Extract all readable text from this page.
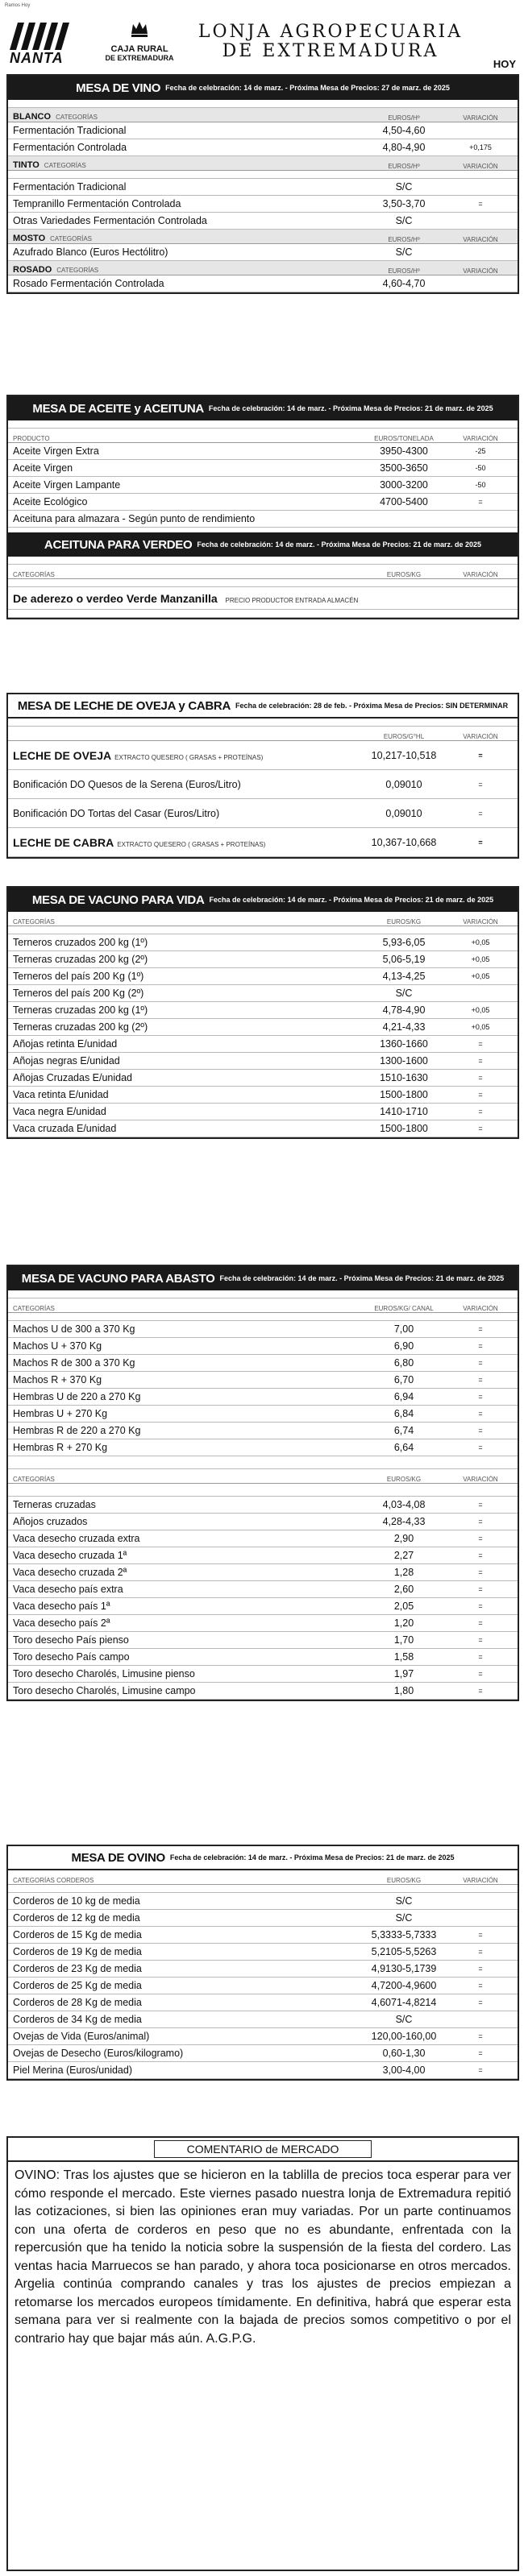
Ramos Hoy
NANTA
CAJA RURAL
DE EXTREMADURA
LONJA AGROPECUARIA DE EXTREMADURA
HOY
MESA DE VINO Fecha de celebración: 14 de marz. - Próxima Mesa de Precios: 27 de marz. de 2025
BLANCO CATEGORÍAS	EUROS/Hº	VARIACIÓN
Fermentación Tradicional	4,50-4,60
Fermentación Controlada	4,80-4,90	+0,175
TINTO CATEGORÍAS	EUROS/Hº	VARIACIÓN
Fermentación Tradicional	S/C
Tempranillo Fermentación Controlada	3,50-3,70	=
Otras Variedades Fermentación Controlada	S/C
MOSTO CATEGORÍAS	EUROS/Hº	VARIACIÓN
Azufrado Blanco (Euros Hectólitro)	S/C
ROSADO CATEGORÍAS	EUROS/Hº	VARIACIÓN
Rosado Fermentación Controlada	4,60-4,70
MESA DE ACEITE y ACEITUNA Fecha de celebración: 14 de marz. - Próxima Mesa de Precios: 21 de marz. de 2025
PRODUCTO	EUROS/TONELADA	VARIACIÓN
Aceite Virgen Extra	3950-4300	-25
Aceite Virgen	3500-3650	-50
Aceite Virgen Lampante	3000-3200	-50
Aceite Ecológico	4700-5400	=
Aceituna para almazara - Según punto de rendimiento
ACEITUNA PARA VERDEO Fecha de celebración: 14 de marz. - Próxima Mesa de Precios: 21 de marz. de 2025
CATEGORÍAS	EUROS/KG	VARIACIÓN
De aderezo o verdeo Verde Manzanilla PRECIO PRODUCTOR ENTRADA ALMACÉN
MESA DE LECHE DE OVEJA y CABRA Fecha de celebración: 28 de feb. - Próxima Mesa de Precios: SIN DETERMINAR
EUROS/G°HL	VARIACIÓN
LECHE DE OVEJA EXTRACTO QUESERO ( GRASAS + PROTEÍNAS)	10,217-10,518	=
Bonificación DO Quesos de la Serena (Euros/Litro)	0,09010	=
Bonificación DO Tortas del Casar (Euros/Litro)	0,09010	=
LECHE DE CABRA EXTRACTO QUESERO ( GRASAS + PROTEÍNAS)	10,367-10,668	=
MESA DE VACUNO PARA VIDA Fecha de celebración: 14 de marz. - Próxima Mesa de Precios: 21 de marz. de 2025
CATEGORÍAS	EUROS/KG	VARIACIÓN
Terneros cruzados 200 kg (1º)	5,93-6,05	+0,05
Terneras cruzadas 200 kg (2º)	5,06-5,19	+0,05
Terneros del país 200 Kg (1º)	4,13-4,25	+0,05
Terneros del país 200 Kg (2º)	S/C
Terneras cruzadas 200 kg (1º)	4,78-4,90	+0,05
Terneras cruzadas 200 kg (2º)	4,21-4,33	+0,05
Añojas retinta E/unidad	1360-1660	=
Añojas negras E/unidad	1300-1600	=
Añojas Cruzadas E/unidad	1510-1630	=
Vaca retinta E/unidad	1500-1800	=
Vaca negra E/unidad	1410-1710	=
Vaca cruzada E/unidad	1500-1800	=
MESA DE VACUNO PARA ABASTO Fecha de celebración: 14 de marz. - Próxima Mesa de Precios: 21 de marz. de 2025
CATEGORÍAS	EUROS/KG/ CANAL	VARIACIÓN
Machos U de 300 a 370 Kg	7,00	=
Machos U + 370 Kg	6,90	=
Machos R de 300 a 370 Kg	6,80	=
Machos R + 370 Kg	6,70	=
Hembras U de 220 a 270 Kg	6,94	=
Hembras U + 270 Kg	6,84	=
Hembras R de 220 a 270 Kg	6,74	=
Hembras R + 270 Kg	6,64	=
CATEGORÍAS	EUROS/KG	VARIACIÓN
Terneras cruzadas	4,03-4,08	=
Añojos cruzados	4,28-4,33	=
Vaca desecho cruzada extra	2,90	=
Vaca desecho cruzada 1ª	2,27	=
Vaca desecho cruzada 2ª	1,28	=
Vaca desecho país extra	2,60	=
Vaca desecho país 1ª	2,05	=
Vaca desecho país 2ª	1,20	=
Toro desecho País pienso	1,70	=
Toro desecho País campo	1,58	=
Toro desecho Charolés, Limusine pienso	1,97	=
Toro desecho Charolés, Limusine campo	1,80	=
MESA DE OVINO Fecha de celebración: 14 de marz. - Próxima Mesa de Precios: 21 de marz. de 2025
CATEGORÍAS CORDEROS	EUROS/KG	VARIACIÓN
Corderos de 10 kg de media	S/C
Corderos de 12 kg de media	S/C
Corderos de 15 Kg de media	5,3333-5,7333	=
Corderos de 19 Kg de media	5,2105-5,5263	=
Corderos de 23 Kg de media	4,9130-5,1739	=
Corderos de 25 Kg de media	4,7200-4,9600	=
Corderos de 28 Kg de media	4,6071-4,8214	=
Corderos de 34 Kg de media	S/C
Ovejas de Vida (Euros/animal)	120,00-160,00	=
Ovejas de Desecho (Euros/kilogramo)	0,60-1,30	=
Piel Merina (Euros/unidad)	3,00-4,00	=
COMENTARIO de MERCADO
OVINO: Tras los ajustes que se hicieron en la tablilla de precios toca esperar para ver cómo responde el mercado. Este viernes pasado nuestra lonja de Extremadura repitió las cotizaciones, si bien las opiniones eran muy variadas. Por un parte continuamos con una oferta de corderos en peso que no es abundante, enfrentada con la repercusión que ha tenido la noticia sobre la suspensión de la fiesta del cordero. Las ventas hacia Marruecos se han parado, y ahora toca posicionarse en otros mercados. Argelia continúa comprando canales y tras los ajustes de precios empiezan a retomarse los mercados europeos tímidamente. En definitiva, habrá que esperar esta semana para ver si realmente con la bajada de precios somos competitivo o por el contrario hay que bajar más aún. A.G.P.G.
